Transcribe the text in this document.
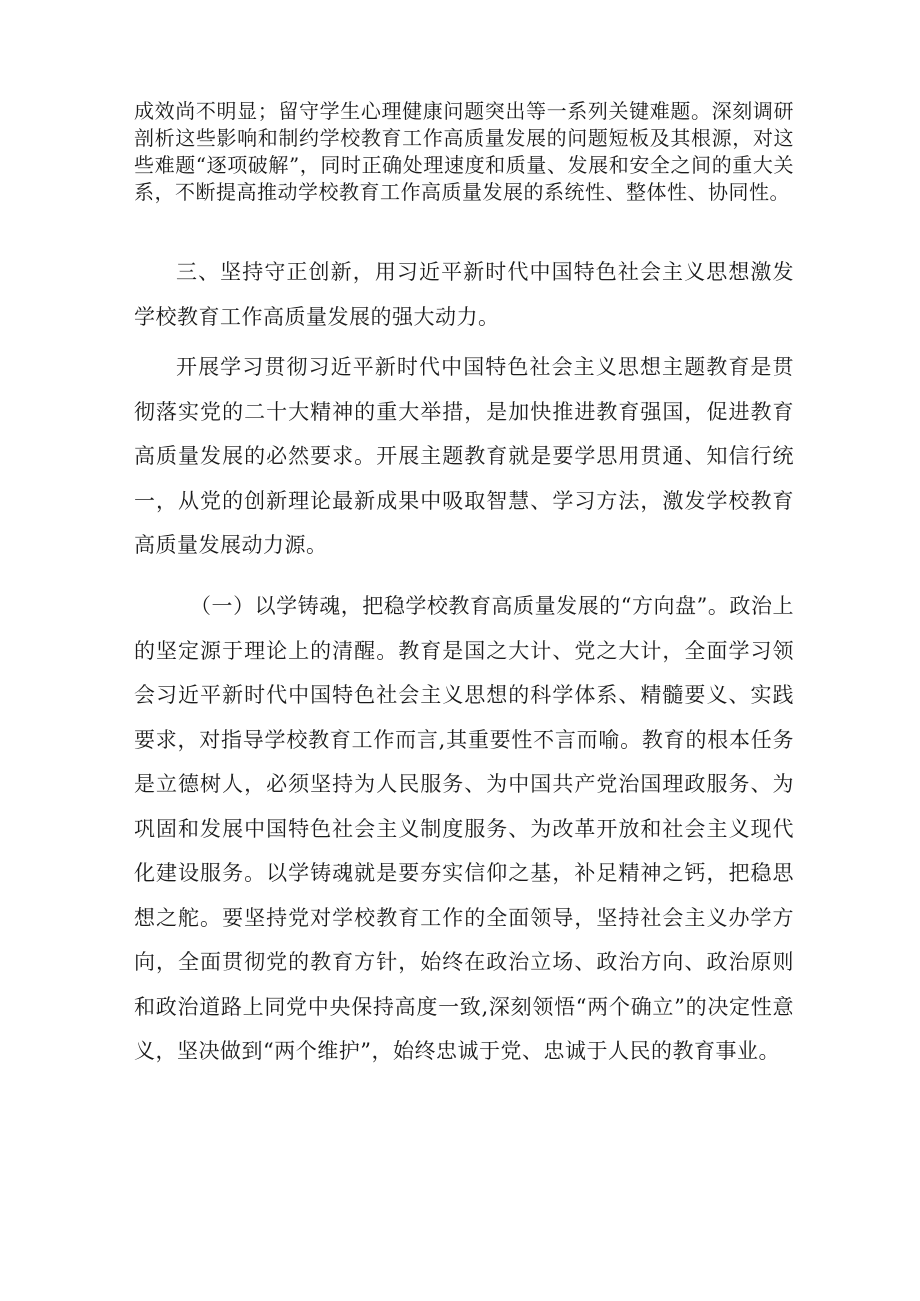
成效尚不明显；留守学生心理健康问题突出等一系列关键难题。深刻调研剖析这些影响和制约学校教育工作高质量发展的问题短板及其根源，对这些难题“逐项破解”，同时正确处理速度和质量、发展和安全之间的重大关系，不断提高推动学校教育工作高质量发展的系统性、整体性、协同性。

三、坚持守正创新，用习近平新时代中国特色社会主义思想激发学校教育工作高质量发展的强大动力。

开展学习贯彻习近平新时代中国特色社会主义思想主题教育是贯彻落实党的二十大精神的重大举措，是加快推进教育强国，促进教育高质量发展的必然要求。开展主题教育就是要学思用贯通、知信行统一，从党的创新理论最新成果中吸取智慧、学习方法，激发学校教育高质量发展动力源。

（一）以学铸魂，把稳学校教育高质量发展的“方向盘”。政治上的坚定源于理论上的清醒。教育是国之大计、党之大计，全面学习领会习近平新时代中国特色社会主义思想的科学体系、精髓要义、实践要求，对指导学校教育工作而言,其重要性不言而喻。教育的根本任务是立德树人，必须坚持为人民服务、为中国共产党治国理政服务、为巩固和发展中国特色社会主义制度服务、为改革开放和社会主义现代化建设服务。以学铸魂就是要夯实信仰之基，补足精神之钙，把稳思想之舵。要坚持党对学校教育工作的全面领导，坚持社会主义办学方向，全面贯彻党的教育方针，始终在政治立场、政治方向、政治原则和政治道路上同党中央保持高度一致,深刻领悟“两个确立”的决定性意义，坚决做到“两个维护”，始终忠诚于党、忠诚于人民的教育事业。
